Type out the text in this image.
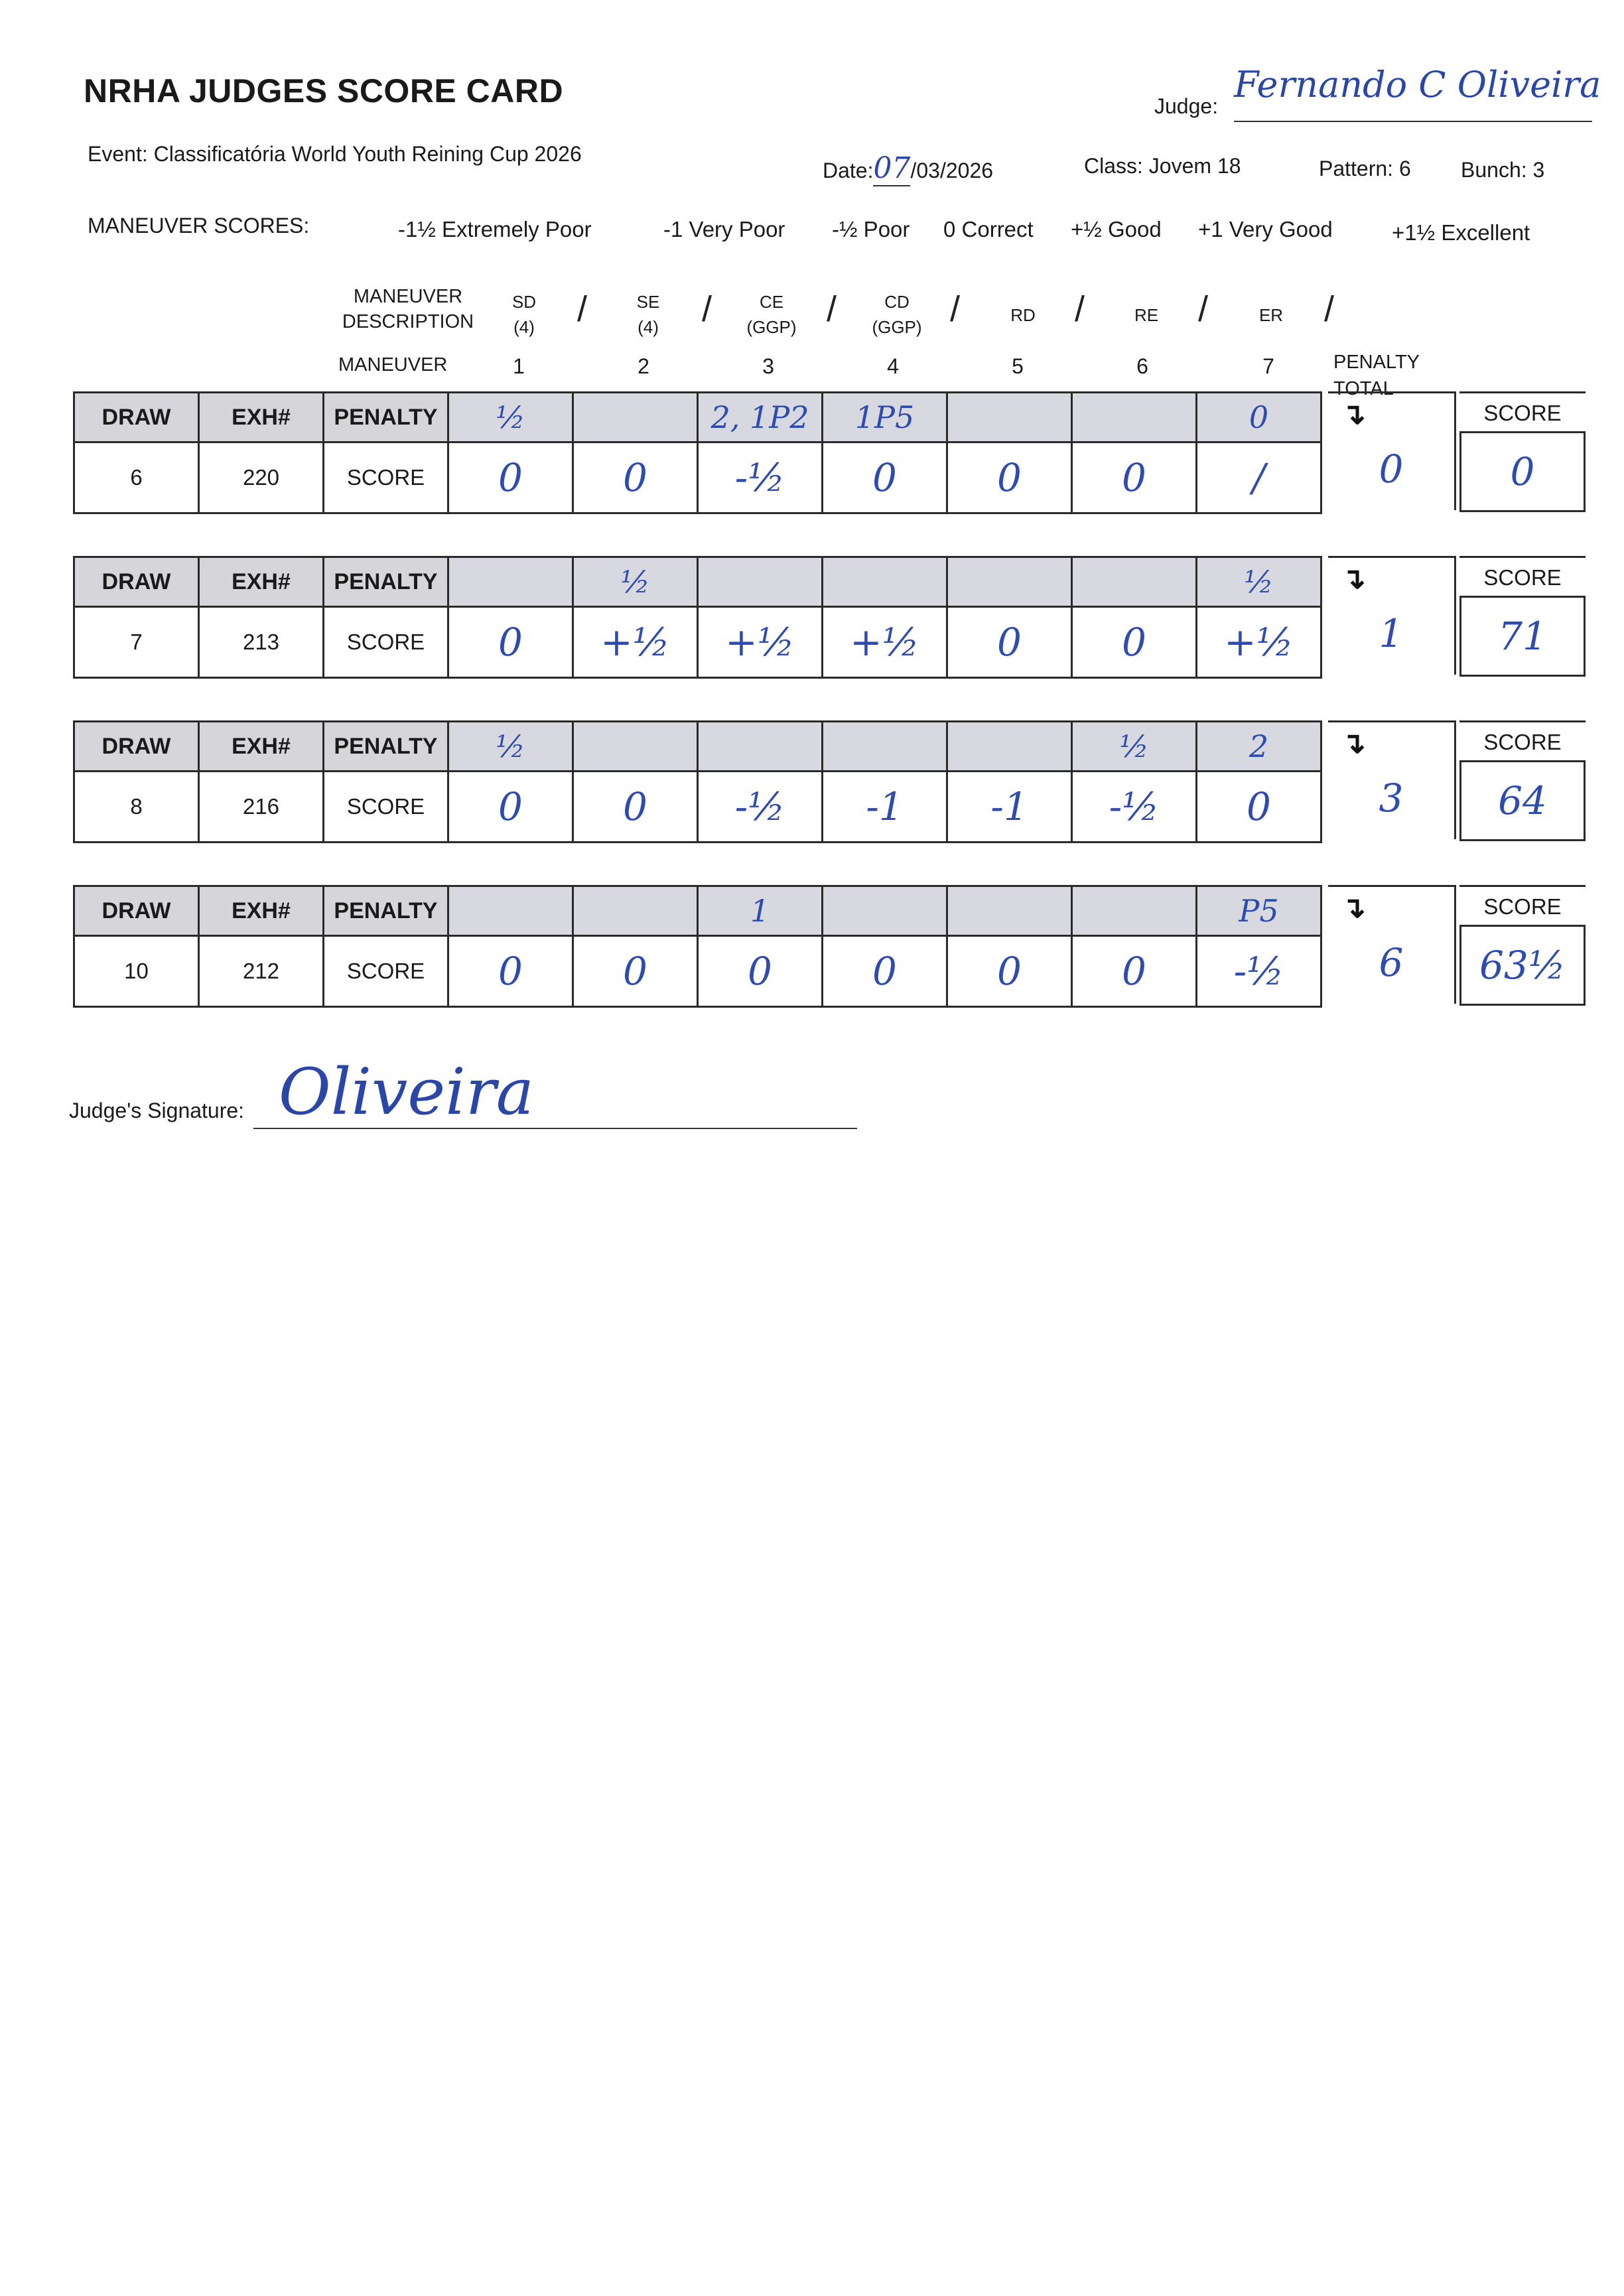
NRHA JUDGES SCORE CARD	Judge:
Fernando C Oliveira
Event: Classificatória World Youth Reining Cup 2026
Date:07/03/2026	Class: Jovem 18	Pattern: 6 Bunch: 3
MANEUVER SCORES:	-1½ Extremely Poor	-1 Very Poor -½ Poor 0 Correct +½ Good +1 Very Good	+1½ Excellent
MANEUVER
DESCRIPTION
MANEUVER
SD
(4)	/	SE
(4)	/	CE
(GGP) /	CD
(GGP) /	RD	/	RE	/	ER	/
1	2	3	4	5	6	7	PENALTY
TOTAL
DRAW	EXH#	PENALTY	½		2, 1P2	1P5			0
6	220	SCORE	0	0	-½	0	0	0	/
↴
0
SCORE
0
DRAW	EXH#	PENALTY		½					½
7	213	SCORE	0	+½	+½	+½	0	0	+½
↴
1
SCORE
71
DRAW	EXH#	PENALTY	½					½	2
8	216	SCORE	0	0	-½	-1	-1	-½	0
↴
3
SCORE
64
DRAW	EXH#	PENALTY			1				P5
10	212	SCORE	0	0	0	0	0	0	-½
↴
6
SCORE
63½
Judge's Signature: Oliveira
